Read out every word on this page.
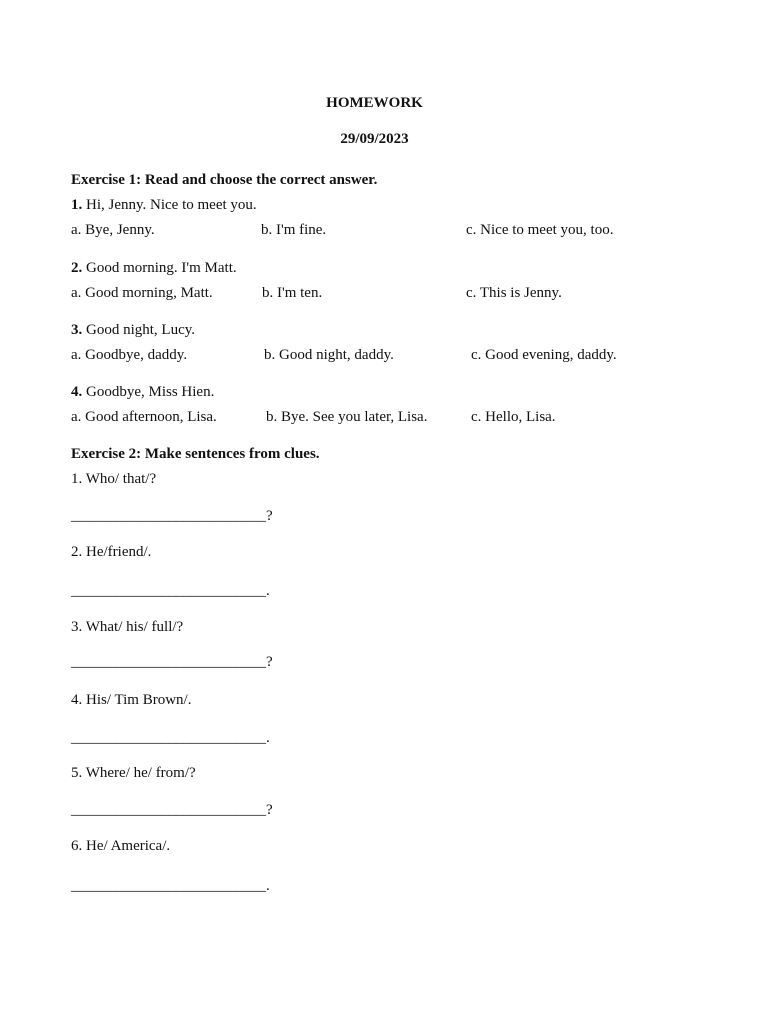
HOMEWORK
29/09/2023
Exercise 1: Read and choose the correct answer.
1. Hi, Jenny. Nice to meet you.
a. Bye, Jenny.	b. I'm fine.	c. Nice to meet you, too.
2. Good morning. I'm Matt.
a. Good morning, Matt.	b. I'm ten.	c. This is Jenny.
3. Good night, Lucy.
a. Goodbye, daddy.	b. Good night, daddy.	c. Good evening, daddy.
4. Goodbye, Miss Hien.
a. Good afternoon, Lisa.	b. Bye. See you later, Lisa.	c. Hello, Lisa.
Exercise 2: Make sentences from clues.
1. Who/ that/?
__________________________?
2. He/friend/.
__________________________.
3. What/ his/ full/?
__________________________?
4. His/ Tim Brown/.
__________________________.
5. Where/ he/ from/?
__________________________?
6. He/ America/.
__________________________.
